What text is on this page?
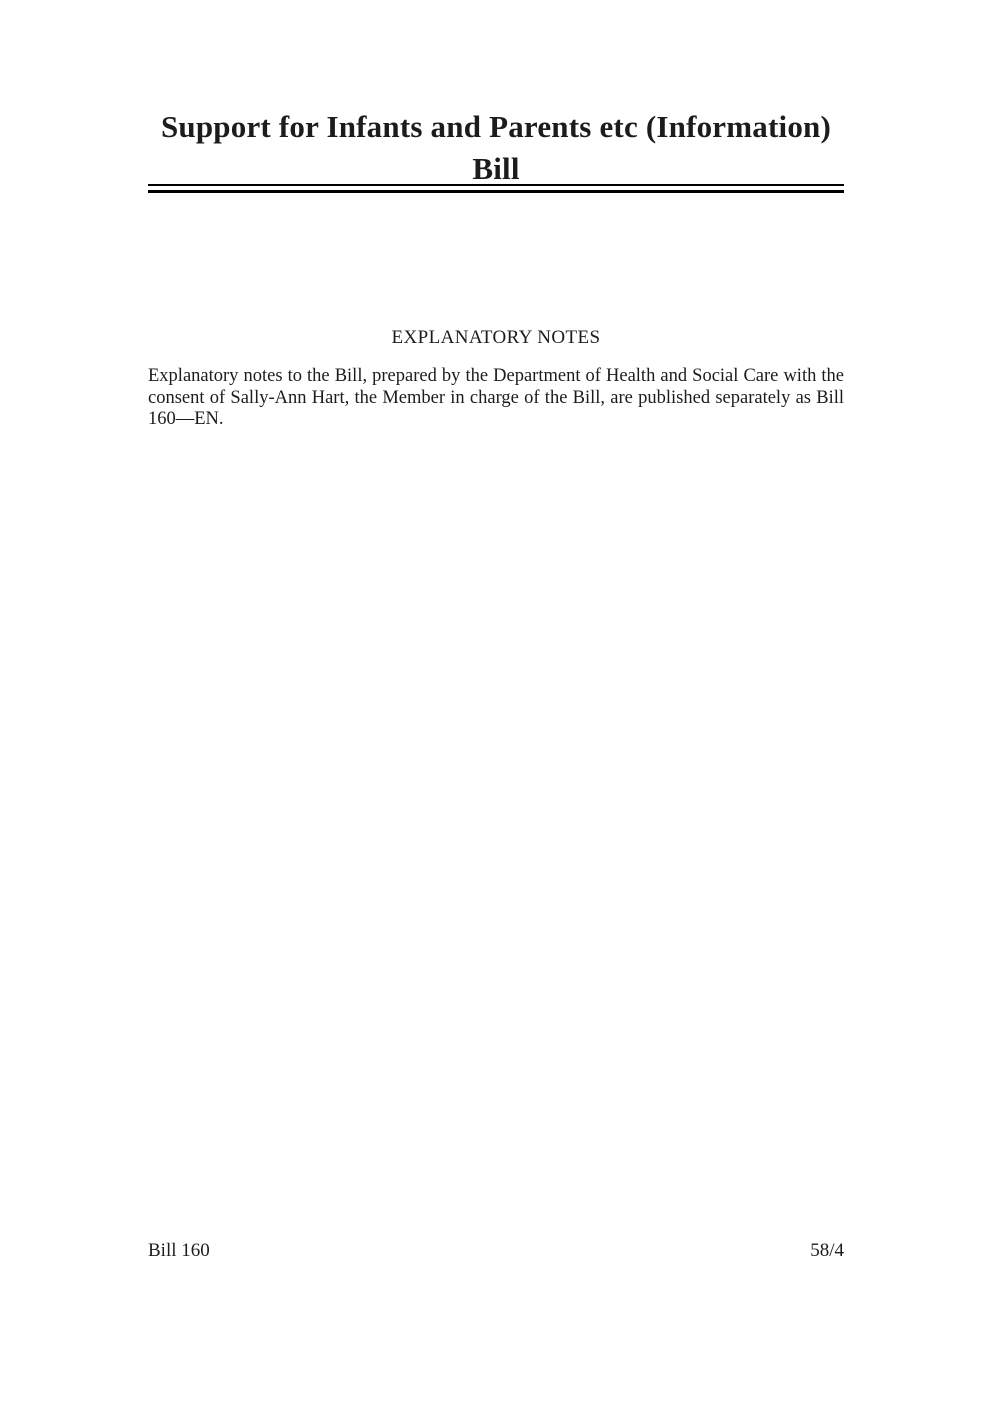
Support for Infants and Parents etc (Information) Bill
EXPLANATORY NOTES

Explanatory notes to the Bill, prepared by the Department of Health and Social Care with the consent of Sally-Ann Hart, the Member in charge of the Bill, are published separately as Bill 160—EN.

Bill 160	58/4
